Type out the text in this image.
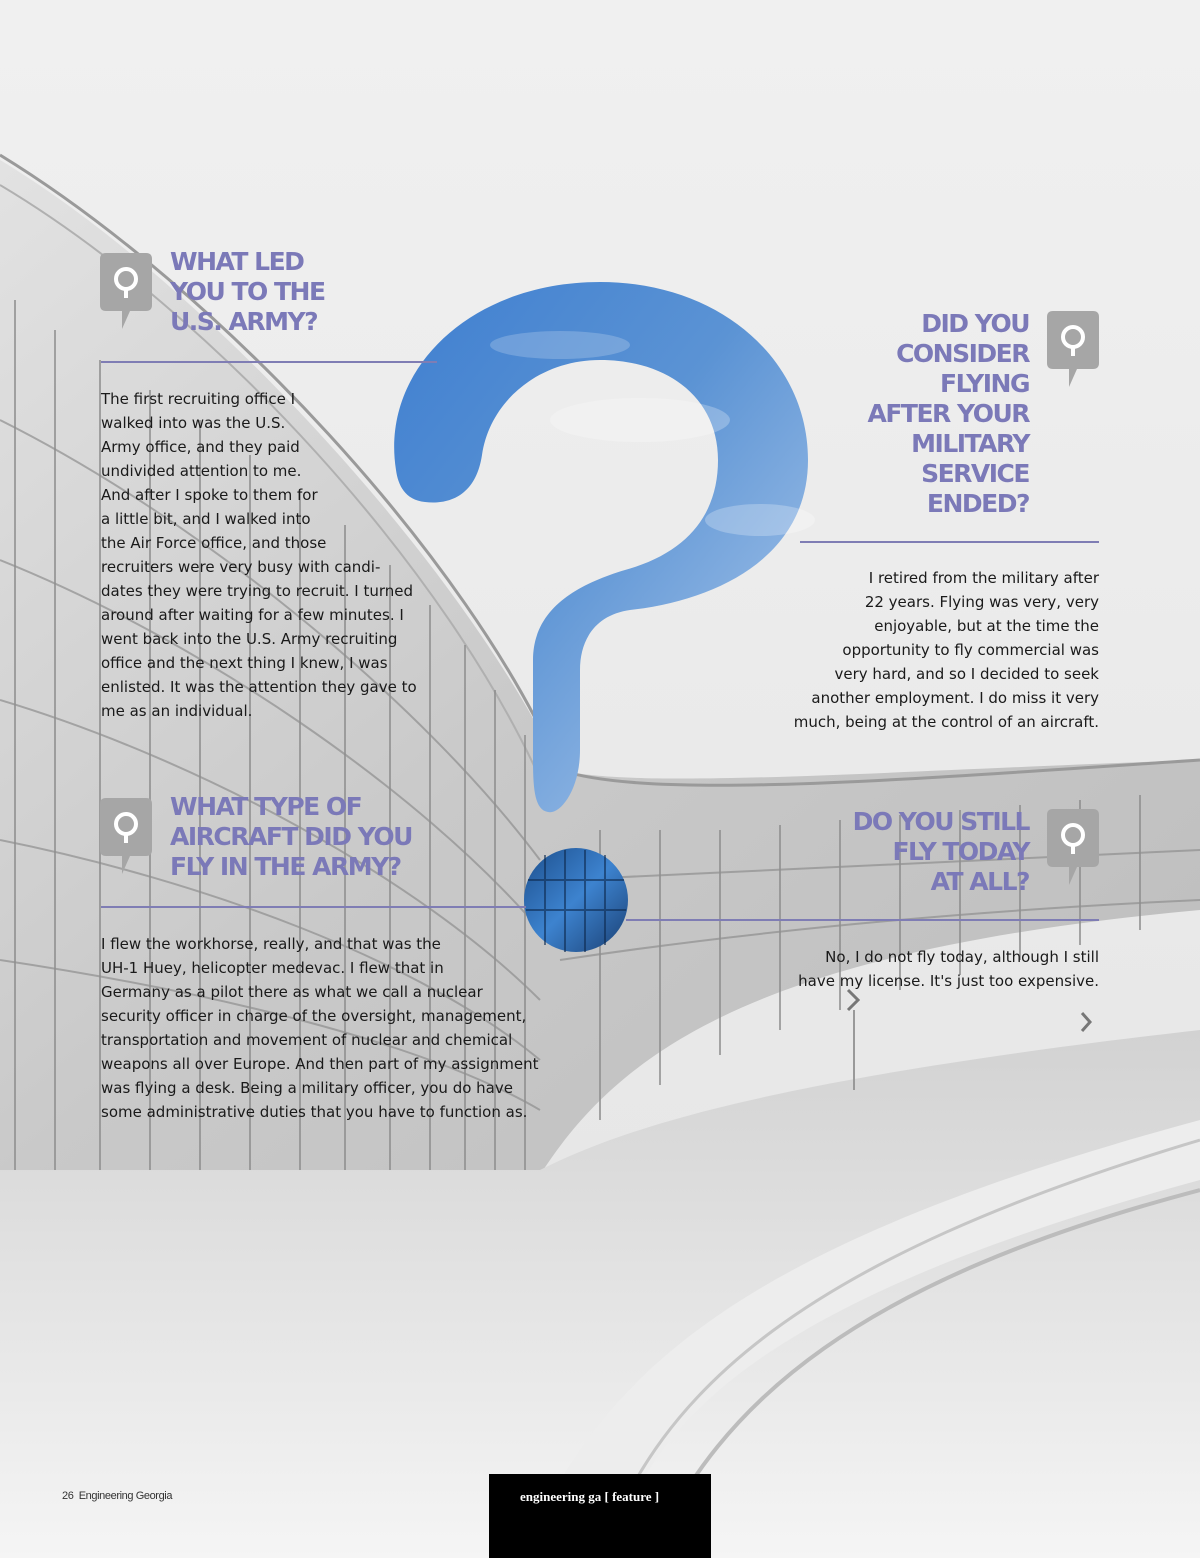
WHAT LED
YOU TO THE
U.S. ARMY?
The first recruiting office I
walked into was the U.S.
Army office, and they paid
undivided attention to me.
And after I spoke to them for
a little bit, and I walked into
the Air Force office, and those
recruiters were very busy with candi-
dates they were trying to recruit. I turned
around after waiting for a few minutes. I
went back into the U.S. Army recruiting
office and the next thing I knew, I was
enlisted. It was the attention they gave to
me as an individual.
DID YOU
CONSIDER
FLYING
AFTER YOUR
MILITARY
SERVICE
ENDED?
I retired from the military after
22 years. Flying was very, very
enjoyable, but at the time the
opportunity to fly commercial was
very hard, and so I decided to seek
another employment. I do miss it very
much, being at the control of an aircraft.
WHAT TYPE OF
AIRCRAFT DID YOU
FLY IN THE ARMY?
I flew the workhorse, really, and that was the
UH-1 Huey, helicopter medevac. I flew that in
Germany as a pilot there as what we call a nuclear
security officer in charge of the oversight, management,
transportation and movement of nuclear and chemical
weapons all over Europe. And then part of my assignment
was flying a desk. Being a military officer, you do have
some administrative duties that you have to function as.
DO YOU STILL
FLY TODAY
AT ALL?
No, I do not fly today, although I still
have my license. It's just too expensive.
26 Engineering Georgia	engineering ga [ feature ]
